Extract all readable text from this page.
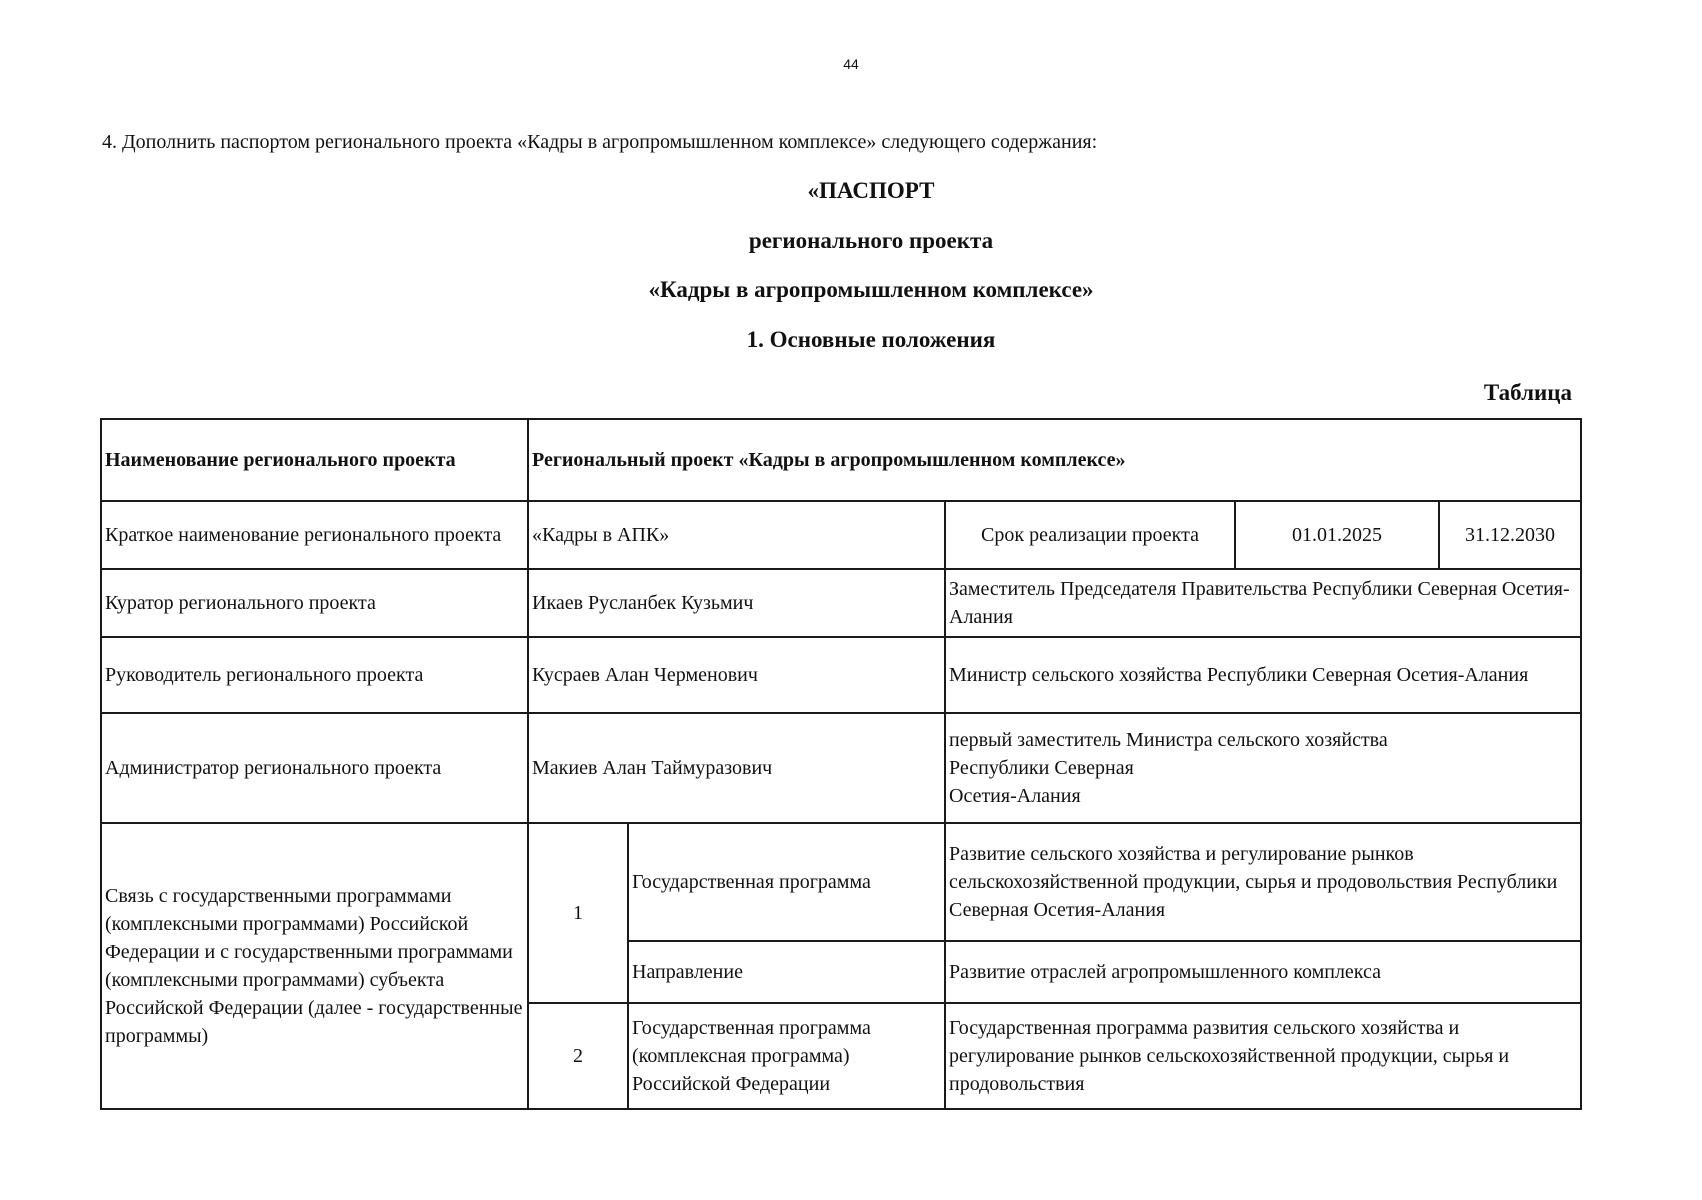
44
4. Дополнить паспортом регионального проекта «Кадры в агропромышленном комплексе» следующего содержания:
«ПАСПОРТ
регионального проекта
«Кадры в агропромышленном комплексе»
1. Основные положения
Таблица
Наименование регионального проекта	Региональный проект «Кадры в агропромышленном комплексе»				
Краткое наименование регионального проекта	«Кадры в АПК»		Срок реализации проекта	01.01.2025	31.12.2030
Куратор регионального проекта	Икаев Русланбек Кузьмич		Заместитель Председателя Правительства Республики Северная Осетия-Алания		
Руководитель регионального проекта	Кусраев Алан Черменович		Министр сельского хозяйства Республики Северная Осетия-Алания		
Администратор регионального проекта	Макиев Алан Таймуразович		первый заместитель Министра сельского хозяйства
Республики Северная
Осетия-Алания		
Связь с государственными программами (комплексными программами) Российской Федерации и с государственными программами (комплексными программами) субъекта Российской Федерации (далее - государственные программы)	1	Государственная программа	Развитие сельского хозяйства и регулирование рынков сельскохозяйственной продукции, сырья и продовольствия Республики Северная Осетия-Алания		
		Направление	Развитие отраслей агропромышленного комплекса		
	2	Государственная программа (комплексная программа) Российской Федерации	Государственная программа развития сельского хозяйства и регулирование рынков сельскохозяйственной продукции, сырья и продовольствия		
